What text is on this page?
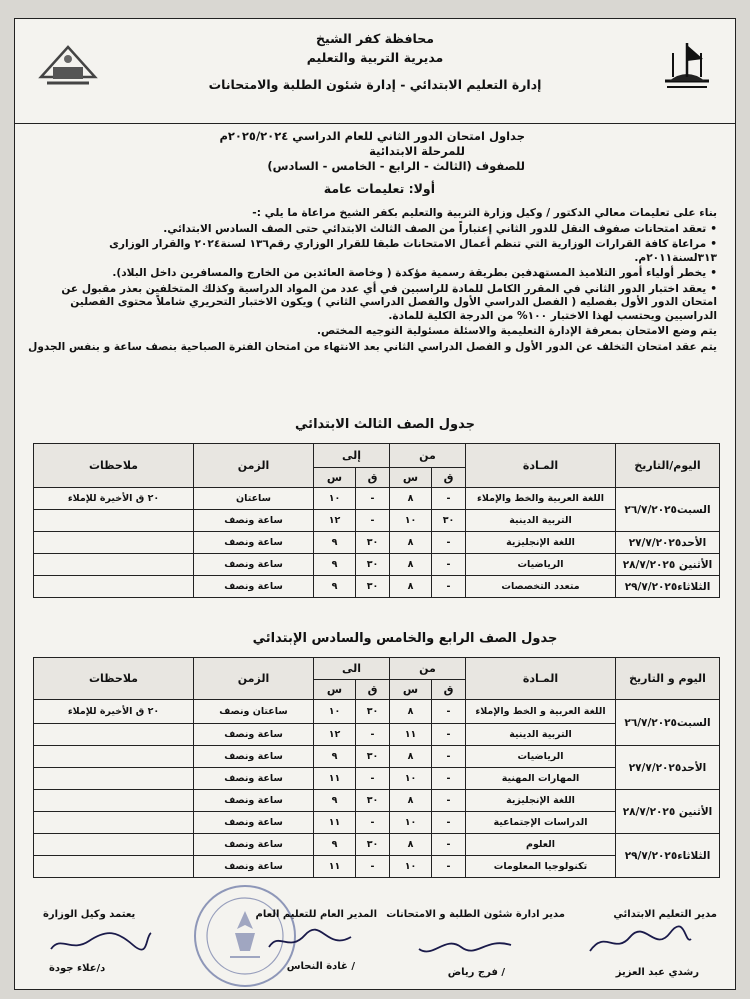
محافظة كفر الشيخ
مديرية التربية والتعليم
إدارة التعليم الابتدائي - إدارة شئون الطلبة والامتحانات
جداول امتحان الدور الثاني للعام الدراسي ٢٠٢٥/٢٠٢٤م
للمرحلة الابتدائية
للصفوف (الثالث - الرابع - الخامس - السادس)
أولا: تعليمات عامة

بناء على تعليمات معالي الدكتور / وكيل وزارة التربية والتعليم بكفر الشيخ مراعاة ما يلي :-

• تعقد امتحانات صفوف النقل للدور الثاني إعتباراً من الصف الثالث الابتدائي حتى الصف السادس الابتدائي.

• مراعاة كافة القرارات الوزارية التي تنظم أعمال الامتحانات طبقا للقرار الوزاري رقم١٣٦ لسنة٢٠٢٤ والقرار الوزارى ٣١٣لسنة٢٠١١م.

• يخطر أولياء أمور التلاميذ المستهدفين بطريقة رسمية مؤكدة ( وخاصة العائدين من الخارج والمسافرين داخل البلاد).

• يعقد اختبار الدور الثاني في المقرر الكامل للمادة للراسبين في أي عدد من المواد الدراسية وكذلك المتخلفين بعذر مقبول عن امتحان الدور الأول بفصليه ( الفصل الدراسي الأول والفصل الدراسي الثاني ) ويكون الاختبار التحريري شاملاً محتوى الفصلين الدراسيين ويحتسب لهذا الاختبار ١٠٠% من الدرجة الكلية للمادة.

يتم وضع الامتحان بمعرفة الإدارة التعليمية والاسئلة مسئولية التوجيه المختص.

يتم عقد امتحان التخلف عن الدور الأول و الفصل الدراسي الثاني بعد الانتهاء من امتحان الفترة الصباحية بنصف ساعة و بنفس الجدول

جدول الصف الثالث الابتدائي
اليوم/التاريخ	المـادة	من		إلى		الزمن	ملاحظات
		ق	س	ق	س		
السبت٢٦/٧/٢٠٢٥	اللغة العربية والخط والإملاء	-	٨	-	١٠	ساعتان	٢٠ ق الأخيرة للإملاء
	التربية الدينية	٣٠	١٠	-	١٢	ساعة ونصف	
الأحد٢٧/٧/٢٠٢٥	اللغة الإنجليزية	-	٨	٣٠	٩	ساعة ونصف	
الأثنين ٢٨/٧/٢٠٢٥	الرياضيات	-	٨	٣٠	٩	ساعة ونصف	
الثلاثاء٢٩/٧/٢٠٢٥	متعدد التخصصات	-	٨	٣٠	٩	ساعة ونصف	
جدول الصف الرابع والخامس والسادس الإبتدائي
اليوم و التاريخ	المـادة	من		الى		الزمن	ملاحظات
		ق	س	ق	س		
السبت٢٦/٧/٢٠٢٥	اللغة العربية و الخط والإملاء	-	٨	٣٠	١٠	ساعتان ونصف	٢٠ ق الأخيرة للإملاء
	التربية الدينية	-	١١	-	١٢	ساعة ونصف	
الأحد٢٧/٧/٢٠٢٥	الرياضيات	-	٨	٣٠	٩	ساعة ونصف	
	المهارات المهنية	-	١٠	-	١١	ساعة ونصف	
الأثنين ٢٨/٧/٢٠٢٥	اللغة الإنجليزية	-	٨	٣٠	٩	ساعة ونصف	
	الدراسات الإجتماعية	-	١٠	-	١١	ساعة ونصف	
الثلاثاء٢٩/٧/٢٠٢٥	العلوم	-	٨	٣٠	٩	ساعة ونصف	
	تكنولوجيا المعلومات	-	١٠	-	١١	ساعة ونصف	
مدير التعليم الابتدائي
رشدي عبد العزيز
مدير ادارة شئون الطلبة و الامتحانات
/ فرج رياض
المدير العام للتعليم العام
/ غادة النحاس
يعتمد وكيل الوزارة
د/علاء جودة
